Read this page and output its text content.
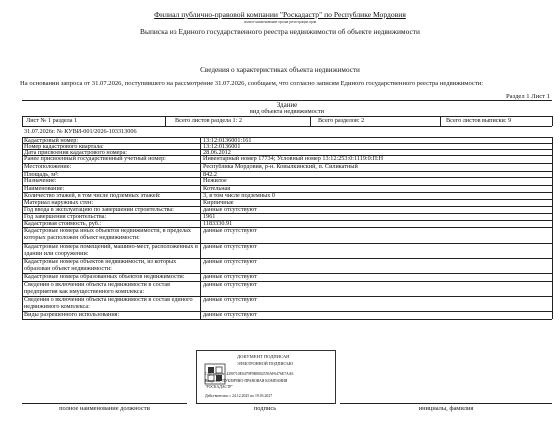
Филиал публично-правовой компании "Роскадастр" по Республике Мордовия
полное наименование органа регистрации прав
Выписка из Единого государственного реестра недвижимости об объекте недвижимости
Сведения о характеристиках объекта недвижимости
На основании запроса от 31.07.2026, поступившего на рассмотрение 31.07.2026, сообщаем, что согласно записям Единого государственного реестра недвижимости:
Раздел 1 Лист 1
Здание
вид объекта недвижимости
Лист № 1 раздела 1	Всего листов раздела 1: 2	Всего разделов: 2	Всего листов выписки: 9
31.07.2026г. № КУВИ-001/2026-103313006
Кадастровый номер:	13:12:0136001:161
Номер кадастрового квартала:	13:12:0136001
Дата присвоения кадастрового номера:	28.06.2012
Ранее присвоенный государственный учетный номер:	Инвентарный номер 17734; Условный номер 13:12:253:0:1119:0:П:Н
Местоположение:	Республика Мордовия, р-н. Ковылкинский, п. Силикатный
Площадь, м²:	842.2
Назначение:	Нежилое
Наименование:	Котельная
Количество этажей, в том числе подземных этажей:	3, в том числе подземных 0
Материал наружных стен:	Кирпичные
Год ввода в эксплуатацию по завершении строительства:	данные отсутствуют
Год завершения строительства:	1961
Кадастровая стоимость, руб.:	1183330.91
Кадастровые номера иных объектов недвижимости, в пределах которых расположен объект недвижимости:
данные отсутствуют
Кадастровые номера помещений, машино-мест, расположенных в здании или сооружении:
данные отсутствуют
Кадастровые номера объектов недвижимости, из которых образован объект недвижимости:
данные отсутствуют
Кадастровые номера образованных объектов недвижимости:	данные отсутствуют
Сведения о включении объекта недвижимости в состав предприятия как имущественного комплекса:
данные отсутствуют
Сведения о включении объекта недвижимости в состав единого недвижимого комплекса:
данные отсутствуют
Виды разрешенного использования:	данные отсутствуют
ДОКУМЕНТ ПОДПИСАН
ЭЛЕКТРОННОЙ ПОДПИСЬЮ
Сертификат: 4290710E0479F9B8002559AF6476E7AA6
Владелец: ПУБЛИЧНО-ПРАВОВАЯ КОМПАНИЯ
"РОСКАДАСТР"
Действителен: с 24.12.2025 по 19.03.2027
полное наименование должности	подпись	инициалы, фамилия
